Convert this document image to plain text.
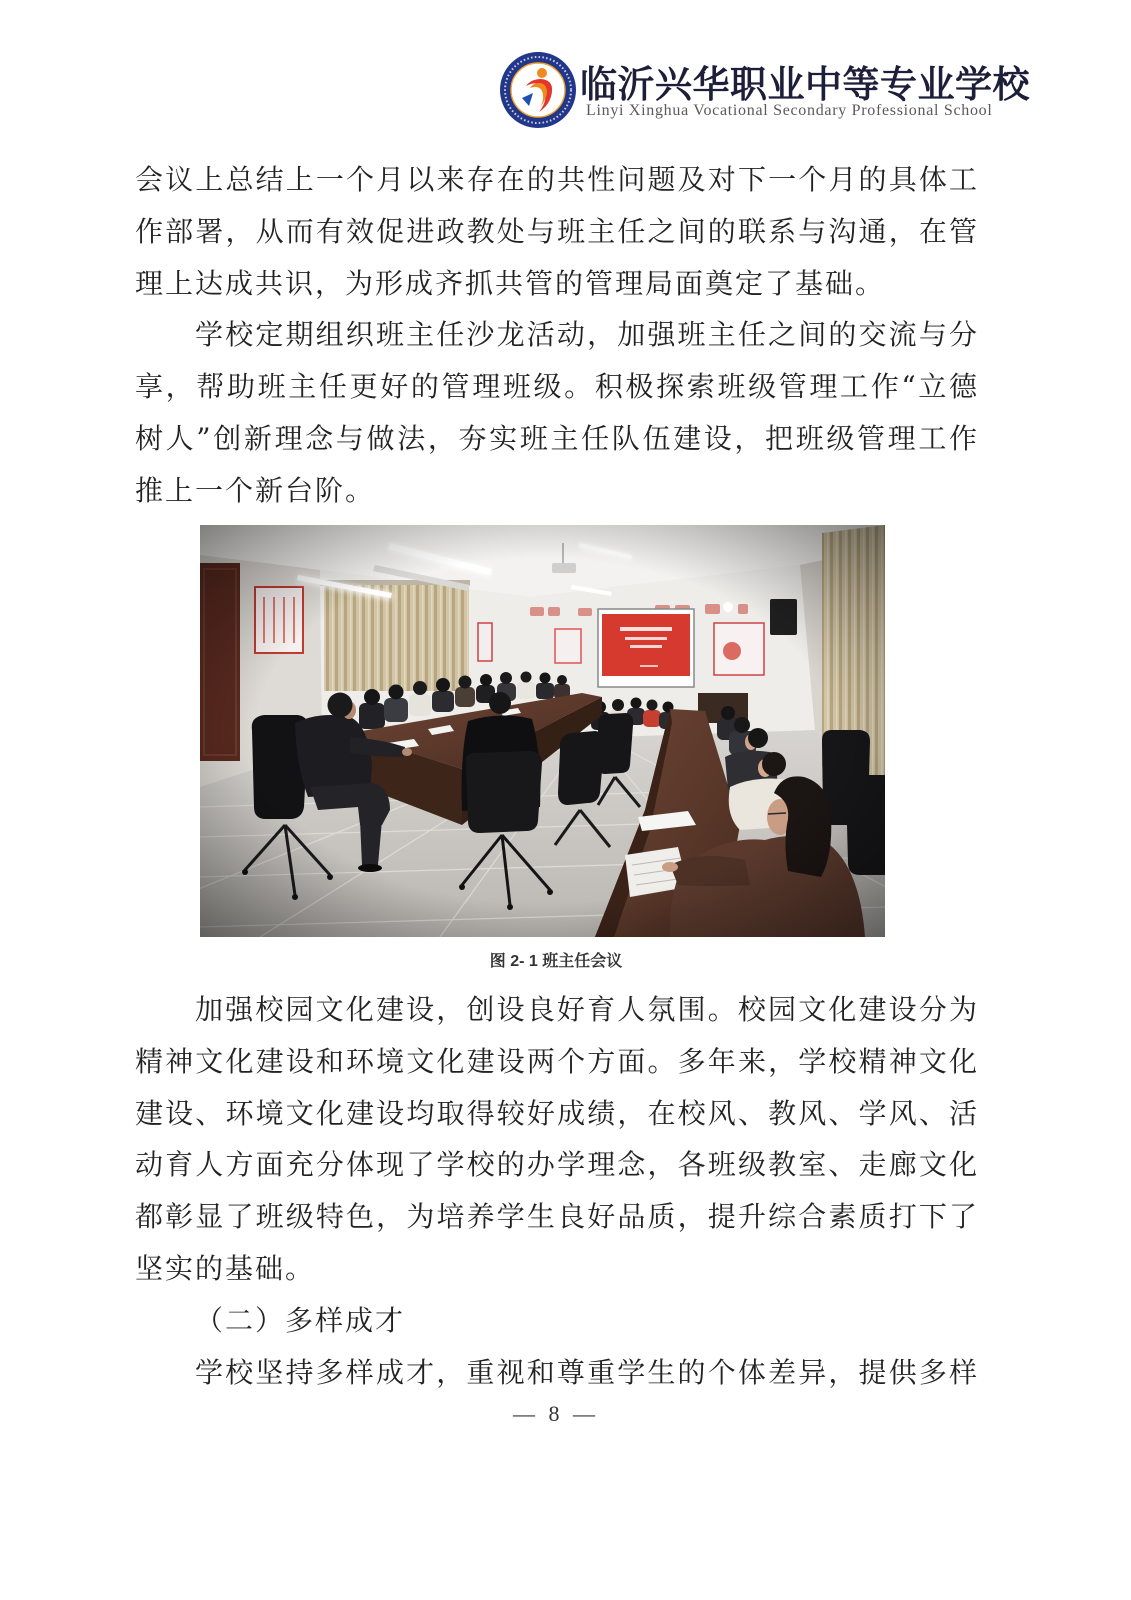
临沂兴华职业中等专业学校
Linyi Xinghua Vocational Secondary Professional School
会议上总结上一个月以来存在的共性问题及对下一个月的具体工
作部署，从而有效促进政教处与班主任之间的联系与沟通，在管
理上达成共识，为形成齐抓共管的管理局面奠定了基础。
学校定期组织班主任沙龙活动，加强班主任之间的交流与分
享，帮助班主任更好的管理班级。积极探索班级管理工作“立德
树人”创新理念与做法，夯实班主任队伍建设，把班级管理工作
推上一个新台阶。
图 2- 1 班主任会议
加强校园文化建设，创设良好育人氛围。校园文化建设分为
精神文化建设和环境文化建设两个方面。多年来，学校精神文化
建设、环境文化建设均取得较好成绩，在校风、教风、学风、活
动育人方面充分体现了学校的办学理念，各班级教室、走廊文化
都彰显了班级特色，为培养学生良好品质，提升综合素质打下了
坚实的基础。
（二）多样成才
学校坚持多样成才，重视和尊重学生的个体差异，提供多样
— 8 —
